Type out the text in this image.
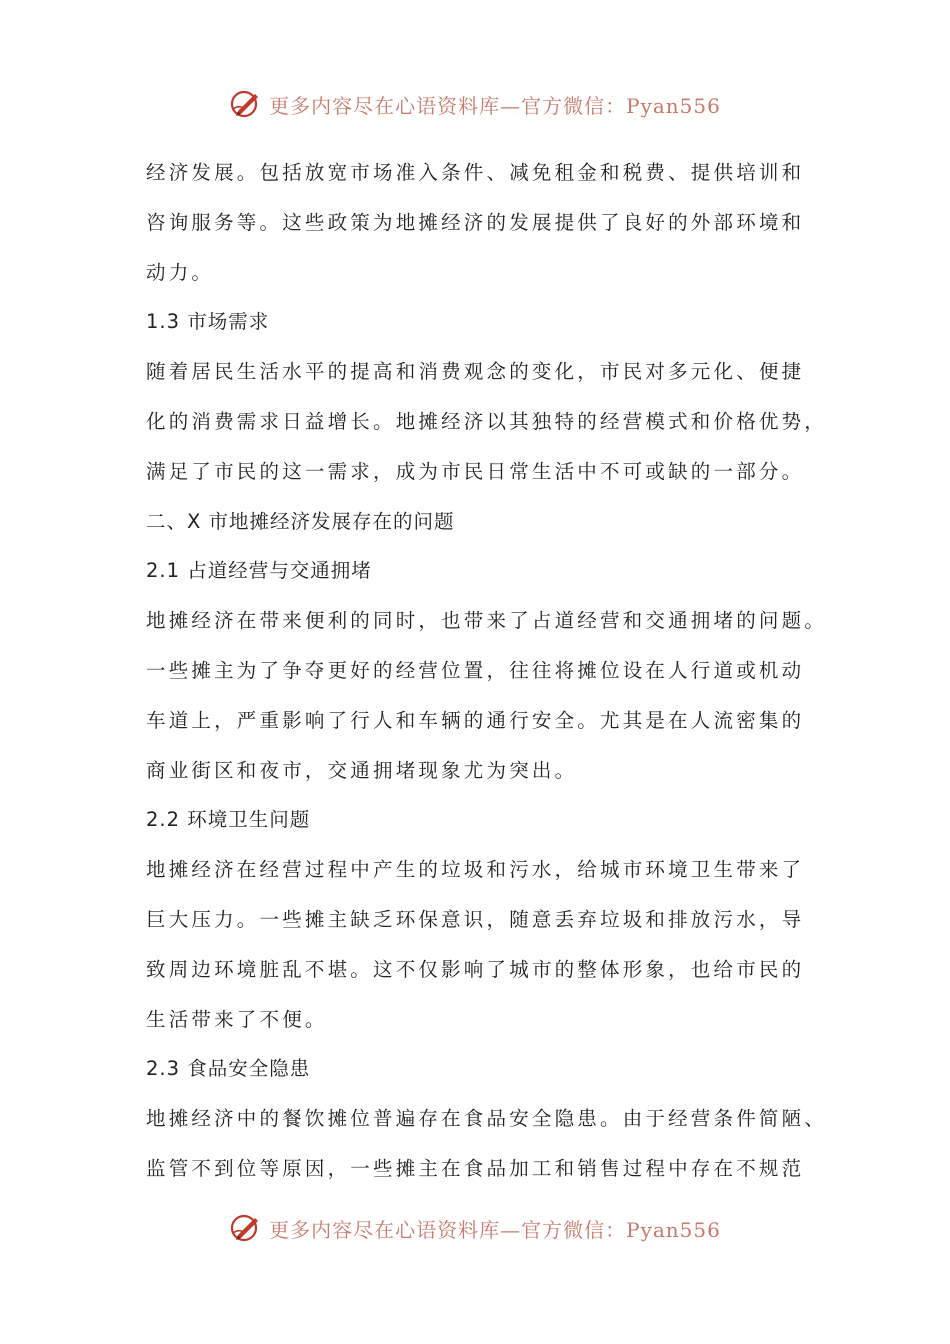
更多内容尽在心语资料库—官方微信：Pyan556
经济发展。包括放宽市场准入条件、减免租金和税费、提供培训和
咨询服务等。这些政策为地摊经济的发展提供了良好的外部环境和
动力。
1.3 市场需求
随着居民生活水平的提高和消费观念的变化，市民对多元化、便捷
化的消费需求日益增长。地摊经济以其独特的经营模式和价格优势，
满足了市民的这一需求，成为市民日常生活中不可或缺的一部分。
二、X 市地摊经济发展存在的问题
2.1 占道经营与交通拥堵
地摊经济在带来便利的同时，也带来了占道经营和交通拥堵的问题。
一些摊主为了争夺更好的经营位置，往往将摊位设在人行道或机动
车道上，严重影响了行人和车辆的通行安全。尤其是在人流密集的
商业街区和夜市，交通拥堵现象尤为突出。
2.2 环境卫生问题
地摊经济在经营过程中产生的垃圾和污水，给城市环境卫生带来了
巨大压力。一些摊主缺乏环保意识，随意丢弃垃圾和排放污水，导
致周边环境脏乱不堪。这不仅影响了城市的整体形象，也给市民的
生活带来了不便。
2.3 食品安全隐患
地摊经济中的餐饮摊位普遍存在食品安全隐患。由于经营条件简陋、
监管不到位等原因，一些摊主在食品加工和销售过程中存在不规范
更多内容尽在心语资料库—官方微信：Pyan556
